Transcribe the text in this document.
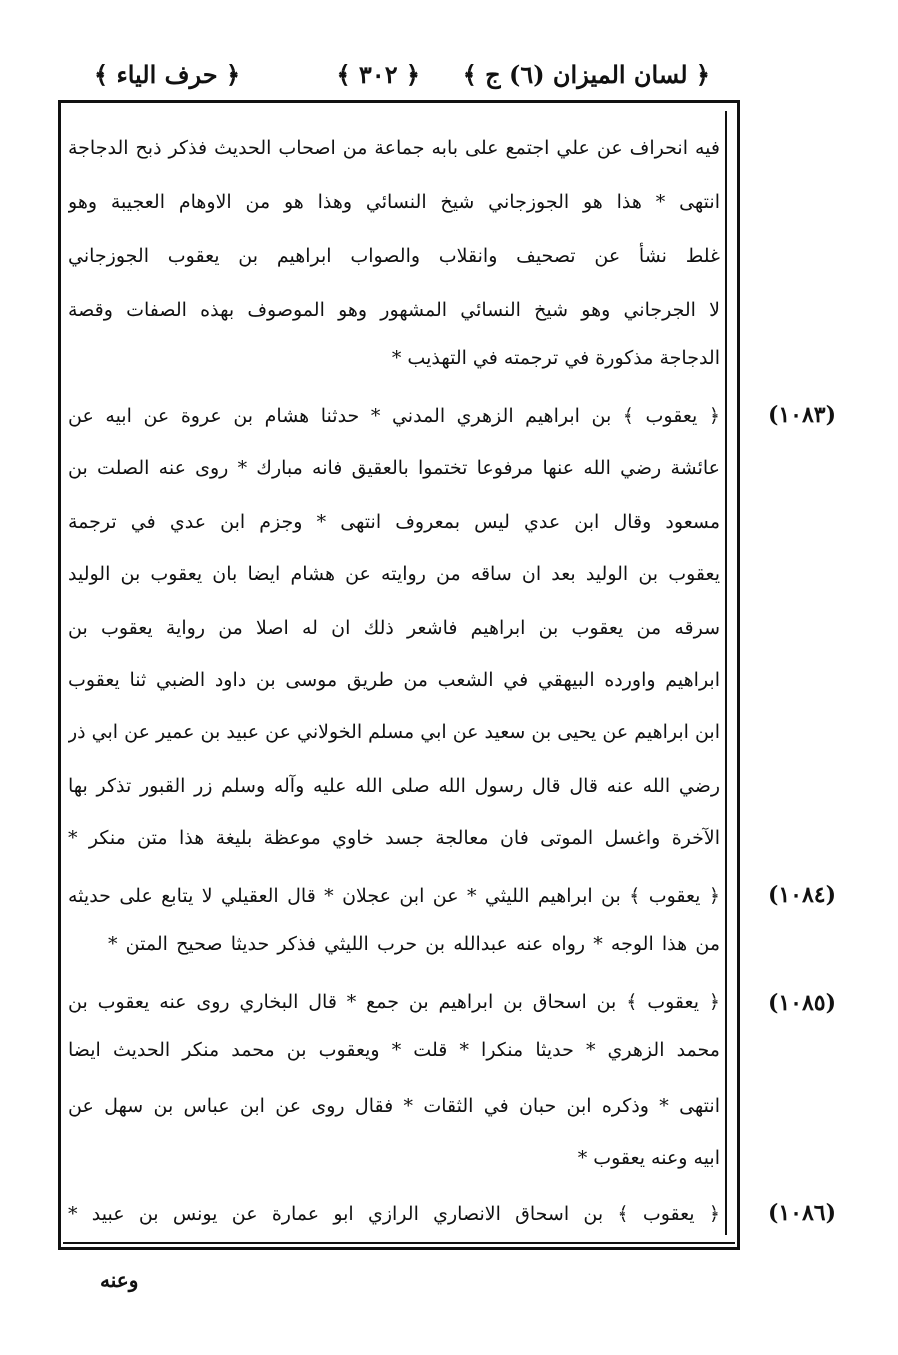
﴿ لسان الميزان (٦) ج ﴾
﴿ ٣٠٢ ﴾
﴿ حرف الياء ﴾
فيه انحراف عن علي اجتمع على بابه جماعة من اصحاب الحديث فذكر ذبح الدجاجة
انتهى * هذا هو الجوزجاني شيخ النسائي وهذا هو من الاوهام العجيبة وهو
غلط نشأ عن تصحيف وانقلاب والصواب ابراهيم بن يعقوب الجوزجاني
لا الجرجاني وهو شيخ النسائي المشهور وهو الموصوف بهذه الصفات وقصة
الدجاجة مذكورة في ترجمته في التهذيب *
﴿ يعقوب ﴾ بن ابراهيم الزهري المدني * حدثنا هشام بن عروة عن ابيه عن
عائشة رضي الله عنها مرفوعا تختموا بالعقيق فانه مبارك * روى عنه الصلت بن
مسعود وقال ابن عدي ليس بمعروف انتهى * وجزم ابن عدي في ترجمة
يعقوب بن الوليد بعد ان ساقه من روايته عن هشام ايضا بان يعقوب بن الوليد
سرقه من يعقوب بن ابراهيم فاشعر ذلك ان له اصلا من رواية يعقوب بن
ابراهيم واورده البيهقي في الشعب من طريق موسى بن داود الضبي ثنا يعقوب
ابن ابراهيم عن يحيى بن سعيد عن ابي مسلم الخولاني عن عبيد بن عمير عن ابي ذر
رضي الله عنه قال قال رسول الله صلى الله عليه وآله وسلم زر القبور تذكر بها
الآخرة واغسل الموتى فان معالجة جسد خاوي موعظة بليغة هذا متن منكر *
﴿ يعقوب ﴾ بن ابراهيم الليثي * عن ابن عجلان * قال العقيلي لا يتابع على حديثه
من هذا الوجه * رواه عنه عبدالله بن حرب الليثي فذكر حديثا صحيح المتن *
﴿ يعقوب ﴾ بن اسحاق بن ابراهيم بن جمع * قال البخاري روى عنه يعقوب بن
محمد الزهري * حديثا منكرا * قلت * ويعقوب بن محمد منكر الحديث ايضا
انتهى * وذكره ابن حبان في الثقات * فقال روى عن ابن عباس بن سهل عن
ابيه وعنه يعقوب *
﴿ يعقوب ﴾ بن اسحاق الانصاري الرازي ابو عمارة عن يونس بن عبيد *
(١٠٨٣)
(١٠٨٤)
(١٠٨٥)
(١٠٨٦)
وعنه
